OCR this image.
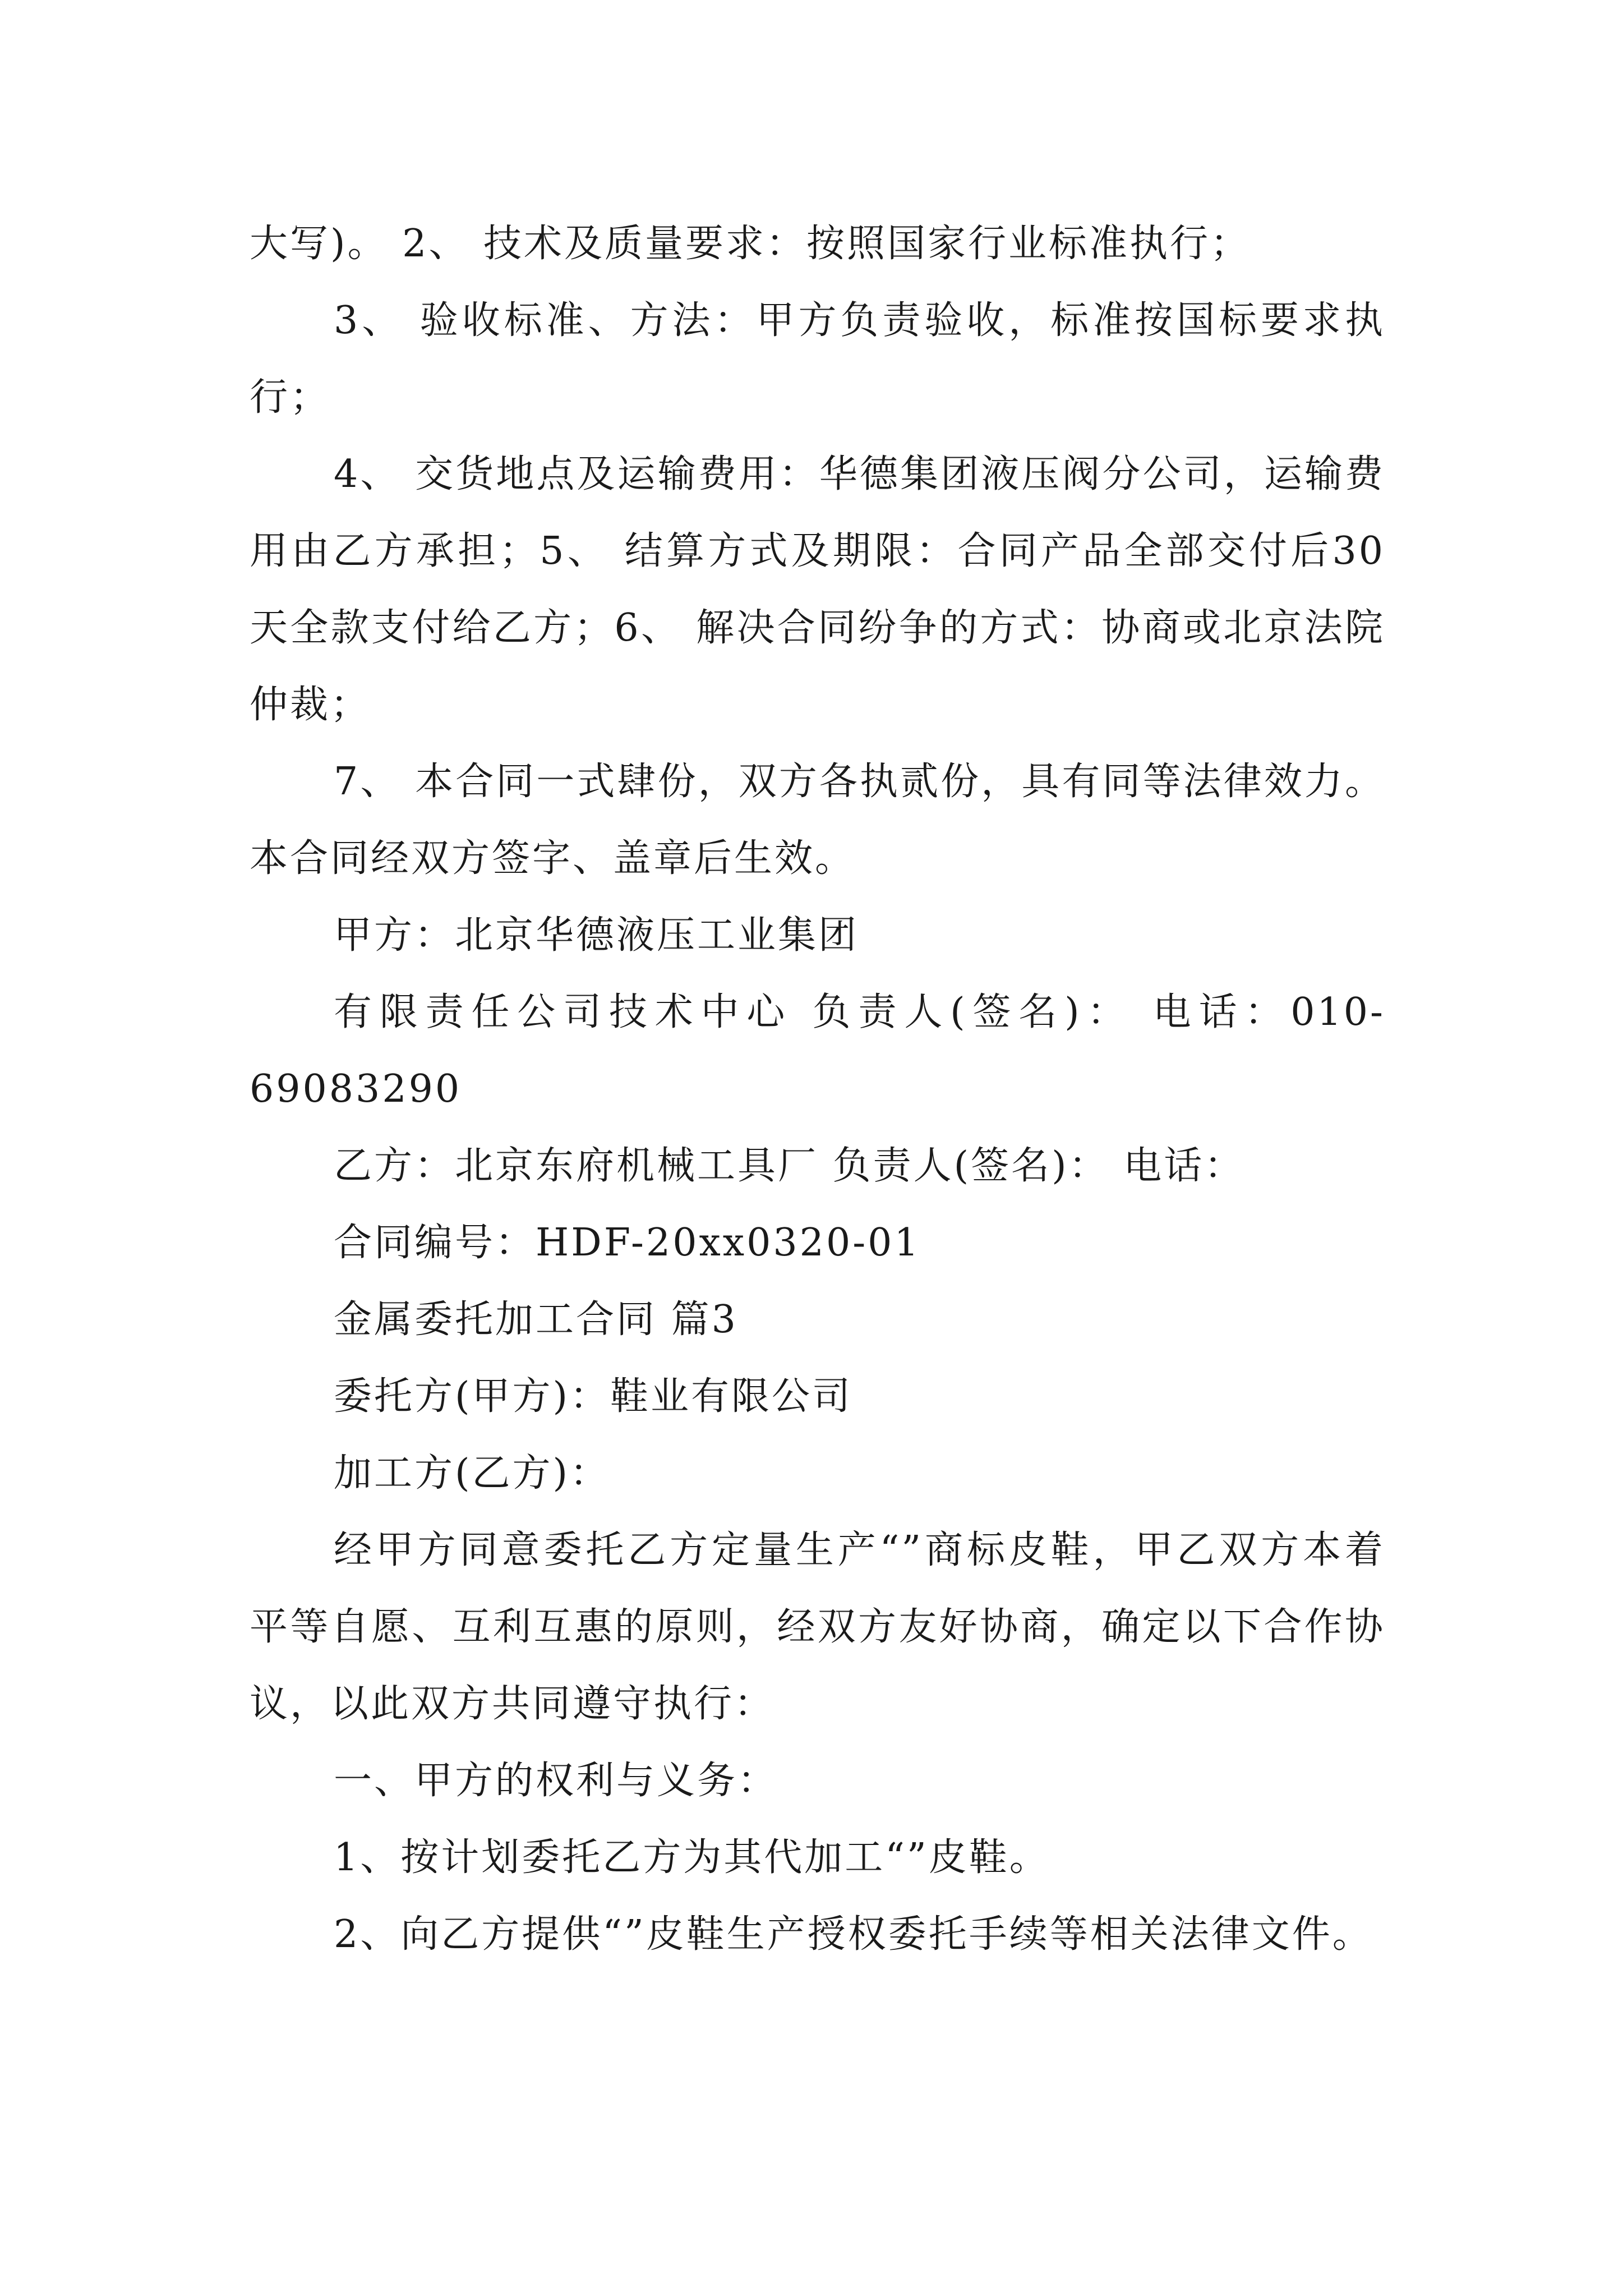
大写)。 2、 技术及质量要求：按照国家行业标准执行；

3、 验收标准、方法：甲方负责验收，标准按国标要求执行；

4、 交货地点及运输费用：华德集团液压阀分公司，运输费用由乙方承担；5、 结算方式及期限：合同产品全部交付后30天全款支付给乙方；6、 解决合同纷争的方式：协商或北京法院仲裁；

7、 本合同一式肆份，双方各执贰份，具有同等法律效力。本合同经双方签字、盖章后生效。

甲方：北京华德液压工业集团

有限责任公司技术中心 负责人(签名)： 电话：010-69083290

乙方：北京东府机械工具厂 负责人(签名)： 电话：

合同编号：HDF-20xx0320-01

金属委托加工合同 篇3

委托方(甲方)：鞋业有限公司

加工方(乙方)：

经甲方同意委托乙方定量生产“”商标皮鞋，甲乙双方本着平等自愿、互利互惠的原则，经双方友好协商，确定以下合作协议，以此双方共同遵守执行：

一、甲方的权利与义务：

1、按计划委托乙方为其代加工“”皮鞋。

2、向乙方提供“”皮鞋生产授权委托手续等相关法律文件。
